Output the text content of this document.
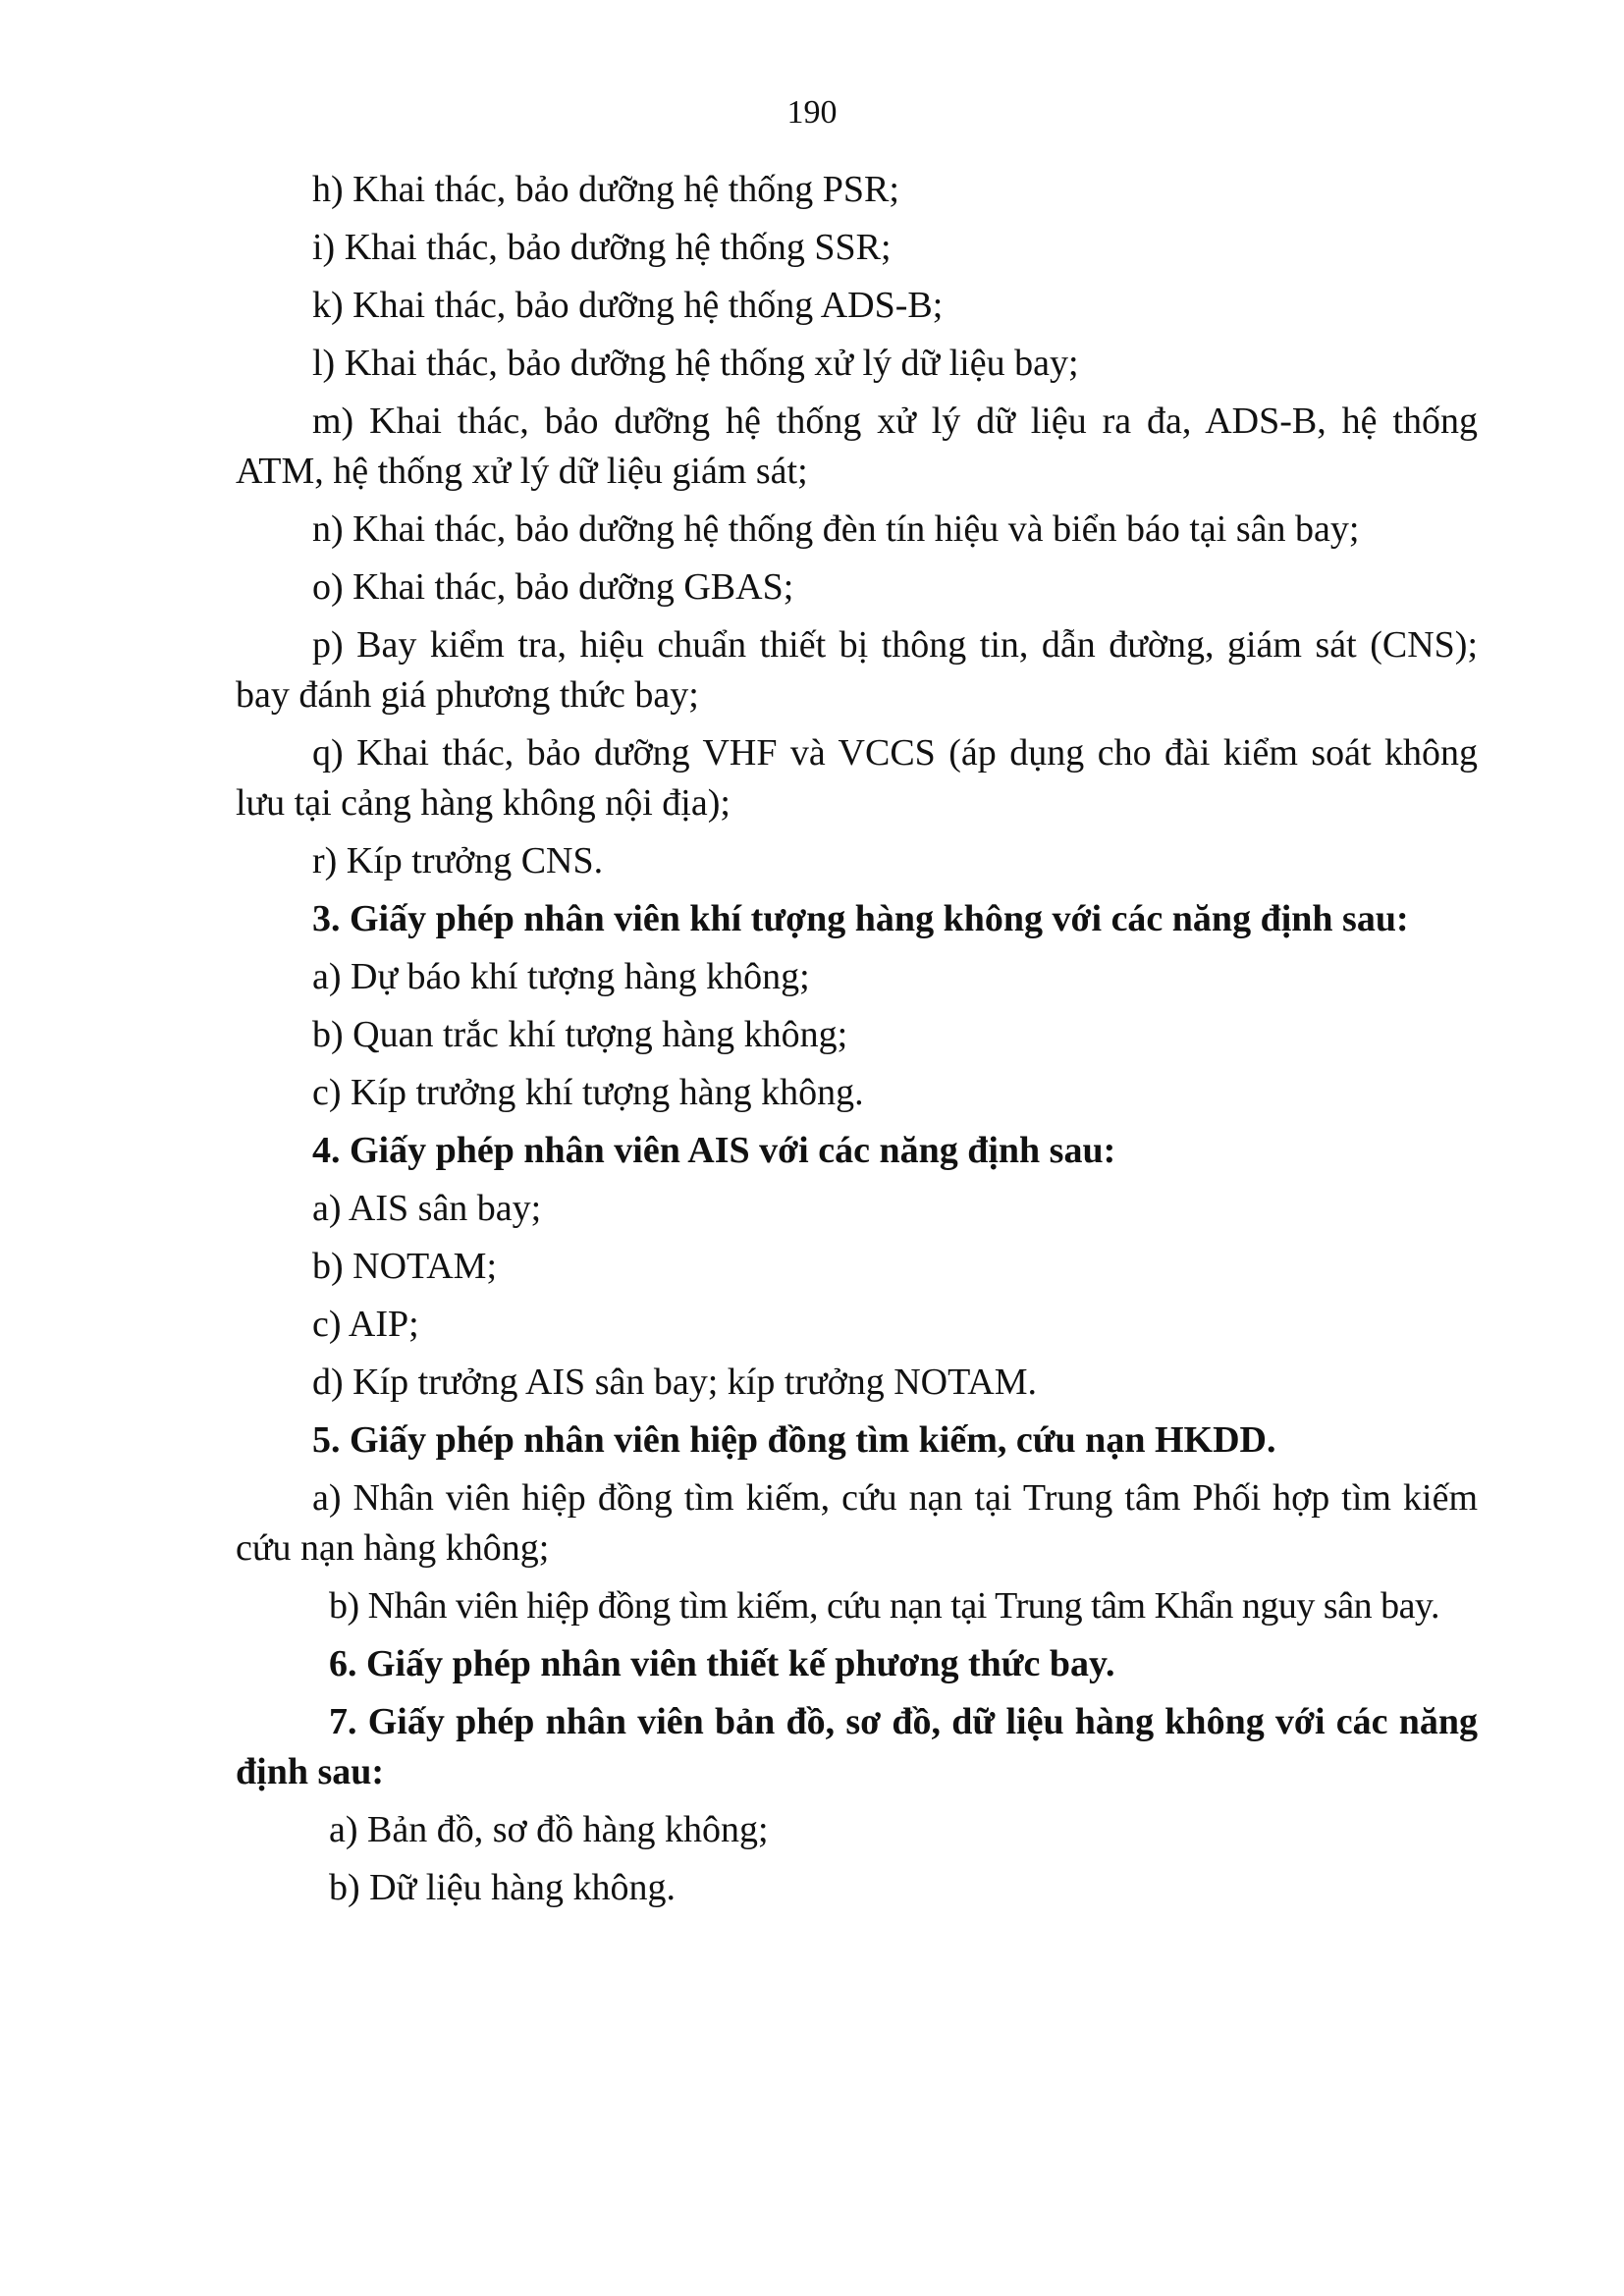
190

h) Khai thác, bảo dưỡng hệ thống PSR;

i) Khai thác, bảo dưỡng hệ thống SSR;

k) Khai thác, bảo dưỡng hệ thống ADS-B;

l) Khai thác, bảo dưỡng hệ thống xử lý dữ liệu bay;

m) Khai thác, bảo dưỡng hệ thống xử lý dữ liệu ra đa, ADS-B, hệ thống ATM, hệ thống xử lý dữ liệu giám sát;

n) Khai thác, bảo dưỡng hệ thống đèn tín hiệu và biển báo tại sân bay;

o) Khai thác, bảo dưỡng GBAS;

p) Bay kiểm tra, hiệu chuẩn thiết bị thông tin, dẫn đường, giám sát (CNS); bay đánh giá phương thức bay;

q) Khai thác, bảo dưỡng VHF và VCCS (áp dụng cho đài kiểm soát không lưu tại cảng hàng không nội địa);

r) Kíp trưởng CNS.

3. Giấy phép nhân viên khí tượng hàng không với các năng định sau:

a) Dự báo khí tượng hàng không;

b) Quan trắc khí tượng hàng không;

c) Kíp trưởng khí tượng hàng không.

4. Giấy phép nhân viên AIS với các năng định sau:

a) AIS sân bay;

b) NOTAM;

c) AIP;

d) Kíp trưởng AIS sân bay; kíp trưởng NOTAM.

5. Giấy phép nhân viên hiệp đồng tìm kiếm, cứu nạn HKDD.

a) Nhân viên hiệp đồng tìm kiếm, cứu nạn tại Trung tâm Phối hợp tìm kiếm cứu nạn hàng không;

b) Nhân viên hiệp đồng tìm kiếm, cứu nạn tại Trung tâm Khẩn nguy sân bay.

6. Giấy phép nhân viên thiết kế phương thức bay.

7. Giấy phép nhân viên bản đồ, sơ đồ, dữ liệu hàng không với các năng định sau:

a) Bản đồ, sơ đồ hàng không;

b) Dữ liệu hàng không.
